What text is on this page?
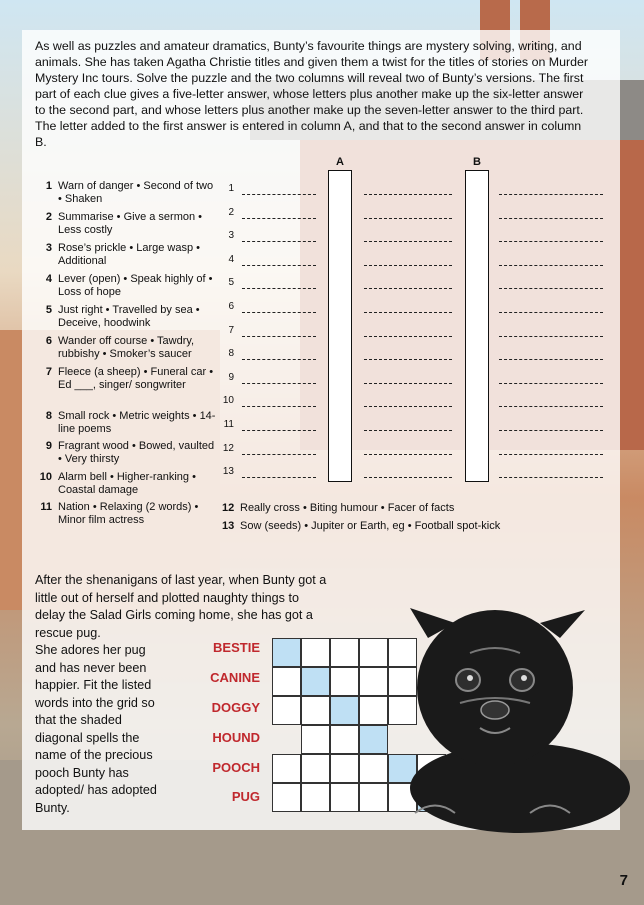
As well as puzzles and amateur dramatics, Bunty’s favourite things are mystery solving, writing, and animals. She has taken Agatha Christie titles and given them a twist for the titles of stories on Murder Mystery Inc tours. Solve the puzzle and the two columns will reveal two of Bunty’s versions. The first part of each clue gives a five-letter answer, whose letters plus another make up the six-letter answer to the second part, and whose letters plus another make up the seven-letter answer to the third part. The letter added to the first answer is entered in column A, and that to the second answer in column B.

A	B
1 Warn of danger • Second of two • Shaken
2 Summarise • Give a sermon • Less costly
3 Rose’s prickle • Large wasp • Additional
4 Lever (open) • Speak highly of • Loss of hope
5 Just right • Travelled by sea • Deceive, hoodwink
6 Wander off course • Tawdry, rubbishy • Smoker’s saucer
7 Fleece (a sheep) • Funeral car • Ed ___, singer/ songwriter
8 Small rock • Metric weights • 14-line poems
9 Fragrant wood • Bowed, vaulted • Very thirsty
10 Alarm bell • Higher-ranking • Coastal damage
11 Nation • Relaxing (2 words) • Minor film actress
12 Really cross • Biting humour • Facer of facts
13 Sow (seeds) • Jupiter or Earth, eg • Football spot-kick
1
2
3
4
5
6
7
8
9
10
11
12
13

After the shenanigans of last year, when Bunty got a little out of herself and plotted naughty things to delay the Salad Girls coming home, she has got a rescue pug.

She adores her pug and has never been happier. Fit the listed words into the grid so that the shaded diagonal spells the name of the precious pooch Bunty has adopted/ has adopted Bunty.

BESTIE
CANINE
DOGGY
HOUND
POOCH
PUG
7
